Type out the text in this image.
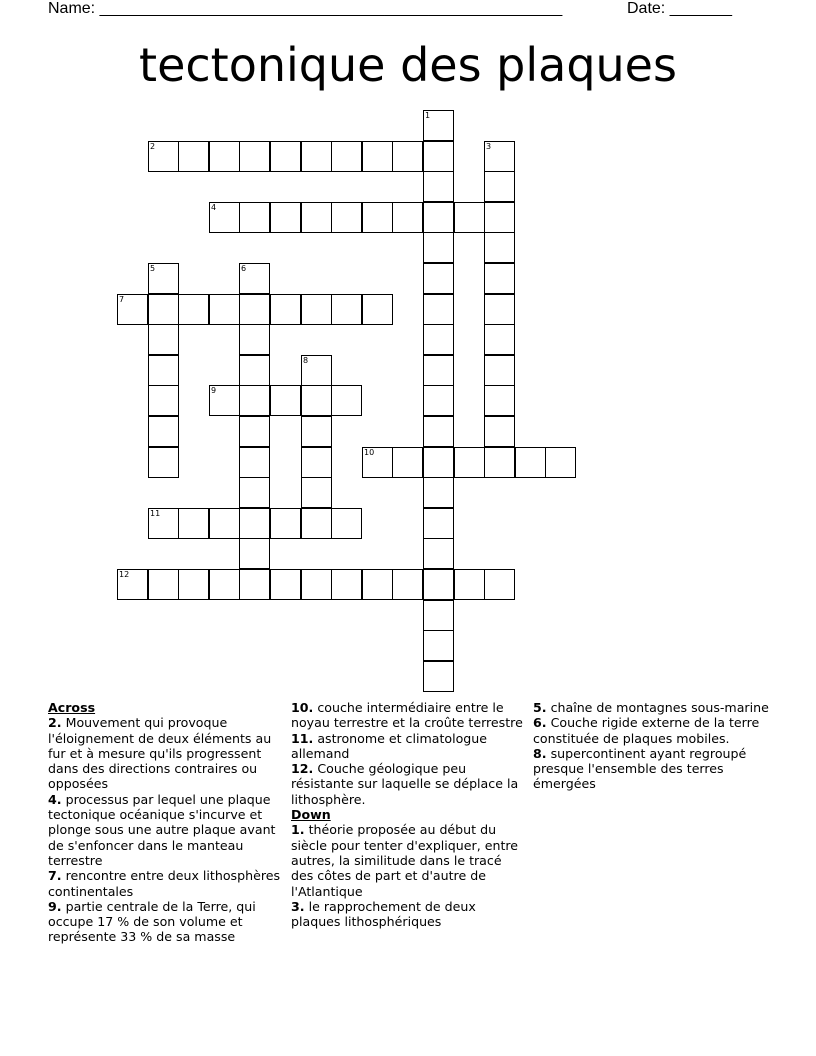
Name: ____________________________________________________	Date: _______
tectonique des plaques
1
2	3
4
5	6
7
8
9
10
11
12
Across
2. Mouvement qui provoque l'éloignement de deux éléments au fur et à mesure qu'ils progressent dans des directions contraires ou opposées
4. processus par lequel une plaque tectonique océanique s'incurve et plonge sous une autre plaque avant de s'enfoncer dans le manteau terrestre
7. rencontre entre deux lithosphères continentales
9. partie centrale de la Terre, qui occupe 17 % de son volume et représente 33 % de sa masse
10. couche intermédiaire entre le noyau terrestre et la croûte terrestre
11. astronome et climatologue allemand
12. Couche géologique peu résistante sur laquelle se déplace la lithosphère.
Down
1. théorie proposée au début du siècle pour tenter d'expliquer, entre autres, la similitude dans le tracé des côtes de part et d'autre de l'Atlantique
3. le rapprochement de deux plaques lithosphériques
5. chaîne de montagnes sous-marine
6. Couche rigide externe de la terre constituée de plaques mobiles.
8. supercontinent ayant regroupé presque l'ensemble des terres émergées
